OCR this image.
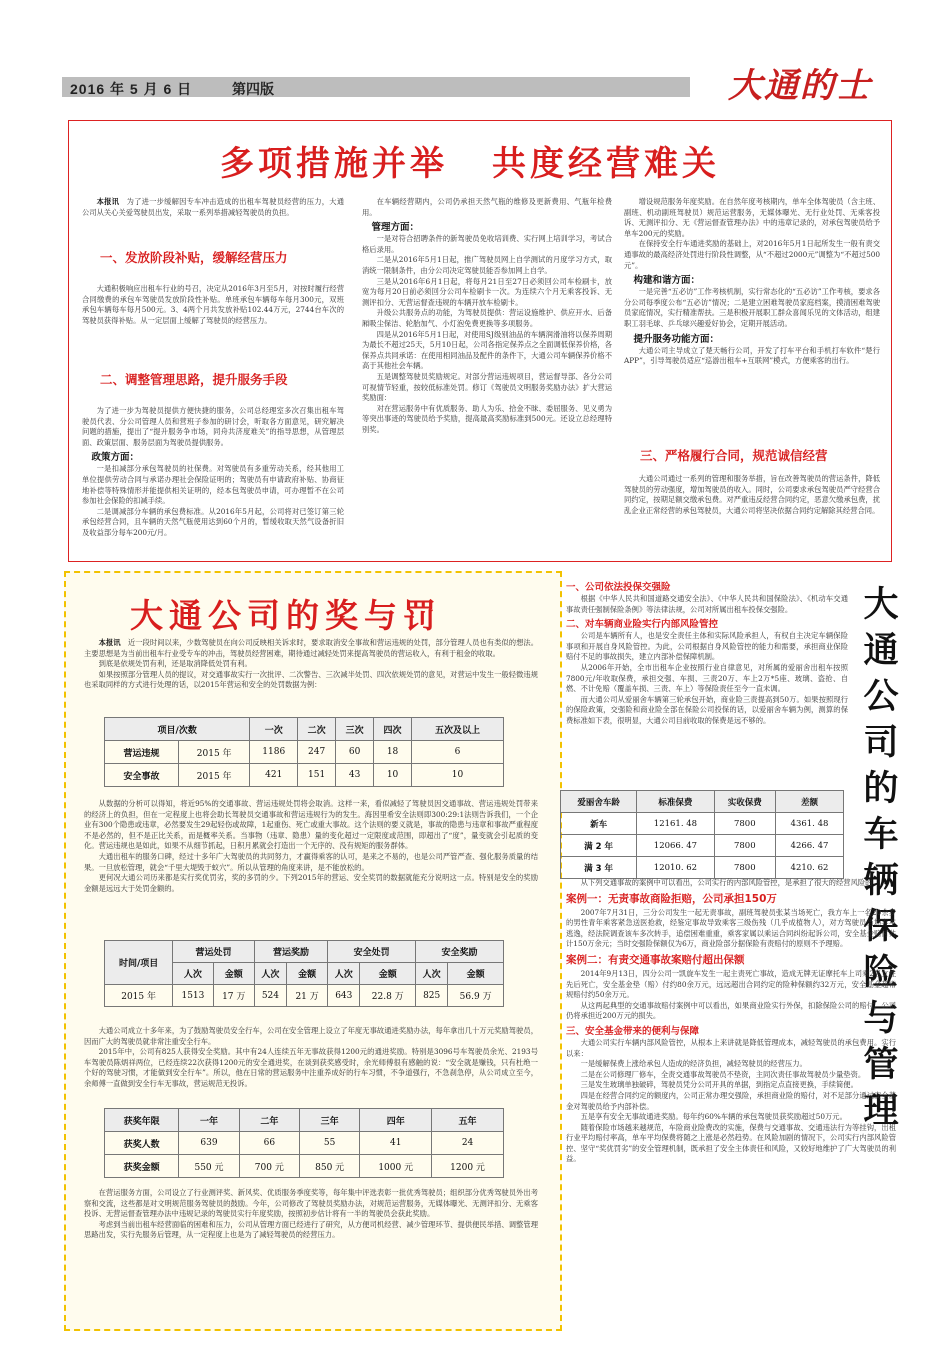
2016 年 5 月 6 日	第四版	大通的士
多项措施并举 共度经营难关

本报讯　 为了进一步缓解因专车冲击造成的出租车驾驶员经营的压力，大通公司从关心关爱驾驶员出发，采取一系列举措减轻驾驶员的负担。

一、发放阶段补贴，缓解经营压力

大通积极响应出租车行业的号召，决定从2016年3月至5月，对按时履行经营合同缴费的承包车驾驶员发放阶段性补贴。单班承包车辆每车每月300元，双班承包车辆每车每月500元。3、4两个月共发放补贴102.44万元，2744台车次的驾驶员获得补贴。从一定层面上缓解了驾驶员的经营压力。

二、调整管理思路，提升服务手段

为了进一步为驾驶员提供方便快捷的服务，公司总经理室多次召集出租车驾驶员代表、分公司管理人员和营班子参加的研讨会，听取各方面意见，研究解决问题的措施，提出了“提升服务争市场，同舟共济度难关”的指导思想，从管理层面、政策层面、服务层面为驾驶员提供服务。

政策方面：

一是扣减部分承包驾驶员的社保费。对驾驶员有多重劳动关系，经其他用工单位提供劳动合同与承诺办理社会保险证明的；驾驶员有申请政府补贴、协商征地补偿等特殊情形并能提供相关证明的，经本包驾驶员申请，可办理暂不在公司参加社会保险的扣减手续。

二是调减部分车辆的承包费标准。从2016年5月起，公司将对已签订第三轮承包经营合同，且车辆的天然气瓶使用达到60个月的，暂缓收取天然气设备折旧及收益部分每车200元/月。

在车辆经营期内，公司仍承担天然气瓶的维修及更新费用、气瓶年检费用。

管理方面：

一是对符合招聘条件的新驾驶员免收培训费、实行网上培训学习，考试合格后录用。

二是从2016年5月1日起，推广驾驶员网上自学测试的月度学习方式，取消统一限制条件，由分公司决定驾驶员能否参加网上自学。

三是从2016年6月1日起，将每月21日至27日必须回公司车检刷卡，放宽为每月20日前必须回分公司车检刷卡一次。为连续六个月无乘客投诉、无测评扣分、无营运督查违规的车辆开放车检刷卡。

升级公共服务点的功能，为驾驶员提供：营运设施维护、供应开水、后备厢吸尘保洁、轮胎加气、小灯泡免费更换等多项服务。

四是从2016年5月1日起，对使用SJ级别油品的车辆润滑油将以保养周期为最长不超过25天，5月10日起，公司各指定保养点之全面调低保养价格，各保养点共同承诺：在使用相同油品及配件的条件下，大通公司车辆保养价格不高于其他社会车辆。

五是调整驾驶员奖励规定。对部分营运违规项目，营运督导部、各分公司可视情节轻重，按较低标准处罚。修订《驾驶员文明服务奖励办法》扩大营运奖励面：

对在营运服务中有优质服务、助人为乐、拾金不昧、委屈服务、见义勇为等突出事迹的驾驶员给予奖励，提高最高奖励标准到500元。还设立总经理特别奖。

增设规范服务年度奖励。在自然年度考核期内，单车全体驾驶员（含主班、副班、机动副班驾驶员）规范运营服务，无媒体曝光、无行业处罚、无乘客投诉、无测评扣分、无《营运督查管理办法》中的违章记录的，对承包驾驶员给予单车200元的奖励。

在保持安全行车通进奖励的基础上，对2016年5月1日起所发生一般有责交通事故的最高经济处罚进行阶段性调整，从“不超过2000元”调整为“不超过500元”。

构建和谐方面：

一是完善“五必访”工作考核机制，实行常态化的“五必访”工作考核，要求各分公司每季度公布“五必访”情况；二是建立困难驾驶员家庭档案，摸清困难驾驶员家庭情况，实行精准帮扶。三是积极开展职工群众喜闻乐见的文体活动，组建职工羽毛球、乒乓球兴趣爱好协会，定期开展活动。

提升服务功能方面：

大通公司主导成立了楚天畅行公司，开发了打车平台和手机打车软件“楚行APP”，引导驾驶员适应“巡游出租车+互联网”模式，方便乘客的出行。

三、严格履行合同，规范诚信经营

大通公司通过一系列的管理和服务举措，旨在改善驾驶员的营运条件，降低驾驶员的劳动强度，增加驾驶员的收入。同时，公司要求承包驾驶员严守经营合同约定，按期足额交缴承包费。对严重违反经营合同约定，恶意欠缴承包费，扰乱企业正常经营的承包驾驶员，大通公司将坚决依据合同约定解除其经营合同。

大通公司的奖与罚

本报讯　 近一段时间以来，少数驾驶员在向公司反映相关诉求时，要求取消安全事故和营运违规的处罚，部分管理人员也有类似的想法。主要思想是为当前出租车行业受专车的冲击，驾驶员经营困难，期待通过减轻处罚来提高驾驶员的营运收入，有利于租金的收取。

到底是依规处罚有利，还是取消降低处罚有利。

如果按照部分管理人员的提议，对交通事故实行一次批评、二次警告、三次减半处罚、四次依规处罚的意见，对营运中发生一般轻微违规也采取同样的方式进行处理的话，以2015年营运和安全的处罚数据为例：

项目/次数		一次	二次	三次	四次	五次及以上
营运违规	2015 年	1186	247	60	18	6
安全事故	2015 年	421	151	43	10	10

从数据的分析可以得知，将近95%的交通事故、营运违规处罚将会取消。这样一来，看似减轻了驾驶员因交通事故、营运违规处罚带来的经济上的负担，但在一定程度上也将会助长驾驶员交通事故和营运违规行为的发生。海因里希安全法则即300:29:1法则告诉我们，一个企业有300个隐患或违章，必然要发生29起轻伤或故障，1起重伤、死亡或重大事故。这个法则的要义就是，事故的隐患与违章和事故严重程度不是必然的，但不是正比关系，而是概率关系。当事物（违章、隐患）量的变化超过一定限度或范围，即超出了“度”，量变就会引起质的变化。营运违规也是如此，如果不从细节抓起，日积月累就会打造出一个无序的、没有规矩的服务群体。

大通出租车的服务口碑，经过十多年广大驾驶员的共同努力，才赢得乘客的认可，是来之不易的，也是公司严管严查、强化服务质量的结果。一旦放松管理，就会“千里大堤毁于蚁穴”。所以从管理的角度来讲，是不能放松的。

更何况大通公司历来都是实行奖优罚劣，奖的多罚的少。下列2015年的营运、安全奖罚的数据就能充分说明这一点。特别是安全的奖励金额是远远大于处罚金额的。

时间/项目	营运处罚		营运奖励		安全处罚		安全奖励	
	人次	金额	人次	金额	人次	金额	人次	金额
2015 年	1513	17 万	524	21 万	643	22.8 万	825	56.9 万

大通公司成立十多年来，为了鼓励驾驶员安全行车，公司在安全管理上设立了年度无事故通进奖励办法，每年拿出几十万元奖励驾驶员，因而广大的驾驶员就非常注重安全行车。

2015年中，公司有825人获得安全奖励。其中有24人连续五年无事故获得1200元的通进奖励。特别是3096号车驾驶员余光、2193号车驾驶员陈炳祥两位，已经连续22次获得1200元的安全通进奖，在谈到获奖感受时，余光师傅很有感触的说：“安全就是赚钱，只有杜绝一个好的驾驶习惯，才能做到安全行车”。所以，他在日常的营运服务中注重养成好的行车习惯，不争道强行，不急刹急停，从公司成立至今，余师傅一直做到安全行车无事故，营运规范无投诉。

获奖年限	一年	二年	三年	四年	五年
获奖人数	639	66	55	41	24
获奖金额	550 元	700 元	850 元	1000 元	1200 元

在营运服务方面，公司设立了行业测评奖、新风奖、优质服务季度奖等，每年集中评选表彰一批优秀驾驶员；组织部分优秀驾驶员外出考察和交流，这些都是对文明规范服务驾驶员的鼓励。今年，公司修改了驾驶员奖励办法，对规范运营服务，无媒体曝光、无测评扣分、无乘客投诉、无营运督查管理办法中违规记录的驾驶员实行年度奖励，按照初步估计将有一半的驾驶员会获此奖励。

考虑到当前出租车经营面临的困难和压力，公司从管理方面已经进行了研究，从方便司机经营、减少管理环节、提供便民举措、调整管理思路出发，实行先服务后管理，从一定程度上也是为了减轻驾驶员的经营压力。

大通公司的车辆保险与管理
一、公司依法投保交强险

根据《中华人民共和国道路交通安全法》、《中华人民共和国保险法》、《机动车交通事故责任强制保险条例》等法律法规，公司对所属出租车投保交强险。

二、对车辆商业险实行内部风险管控

公司是车辆所有人，也是安全责任主体和实际风险承担人，有权自主决定车辆保险事项和开展自身风险管控。为此，公司根据自身风险管控的能力和需要，承担商业保险赔付不足的事故损失，建立内部补偿保障机制。

从2006年开始，全市出租车企业按照行业自律意见，对所属的爱丽舍出租车按照7800元/年收取保费，承担交强、车损、三责20万、车上2万*5座、玻璃、盗抢、自燃、不计免赔（覆盖车损、三责、车上）等保险责任至今一直未调。

而大通公司从爱丽舍车辆第三轮承包开始，商业险三责提高到50万。如果按照现行的保险政策，交强险和商业险全部在保险公司投保的话，以爱丽舍车辆为例，测算的保费标准如下表，很明显，大通公司目前收取的保费是远不够的。

爱丽舍车龄	标准保费	实收保费	差额
新车	12161. 48	7800	4361. 48
满 2 年	12066. 47	7800	4266. 47
满 3 年	12010. 62	7800	4210. 62

从下列交通事故的案例中可以看出，公司实行的内部风险管控，是承担了很大的经营风险的。

案例一：无责事故商险拒赔，公司承担150万

2007年7月31日，三分公司发生一起无责事故，副班驾驶员张某当场死亡，我方车上一名20余岁的男性青年乘客紧急送医抢救，经鉴定事故导致乘客三级伤残（几乎成植物人），对方驾驶员当场弃车逃逸，经法院调查该车多次转手，追偿困难重重，乘客家属以乘运合同纠纷起诉公司，安全基金赔付共计150万余元；当时交强险保额仅为6万，商业险部分据保险有责赔付的原则不予理赔。

案例二：有责交通事故案赔付超出保额

2014年9月13日，四分公司一凯旋车发生一起主责死亡事故，造成无牌无证摩托车上司乘2名女性先后死亡，安全基金垫（赔）付约80余万元，远远超出合同约定的险种保额约32万元，安全基金超常规赔付约50余万元。

从这两起典型的交通事故赔付案例中可以看出，如果商业险实行外保，扣除保险公司的赔付，公司仍将承担近200万元的损失。

三、安全基金带来的便利与保障

大通公司实行车辆内部风险管控，从根本上来讲就是降低管理成本，减轻驾驶员的承包费用。实行以来：

一是缓解保费上涨给承包人造成的经济负担，减轻驾驶员的经营压力。

二是在公司修理厂修车，全责交通事故驾驶员不垫资，主同次责任事故驾驶员少量垫资。

三是发生玻璃单独破碎，驾驶员凭分公司开具的单据，到指定点直接更换，手续简便。

四是在经营合同约定的额度内，公司正常办理交强险，承担商业险的赔付，对不足部分通过安全基金对驾驶员给予内部补偿。

五是享有安全无事故通进奖励。每年约60%车辆的承包驾驶员获奖励超过50万元。

随着保险市场越来越规范，车险商业险费改的实施，保费与交通事故、交通违法行为等挂钩，出租行业平均赔付率高，单车平均保费将随之上涨是必然趋势。在风险加剧的情况下，公司实行内部风险管控、坚守“奖优罚劣”的安全管理机制，既承担了安全主体责任和风险，又较好地维护了广大驾驶员的利益。
